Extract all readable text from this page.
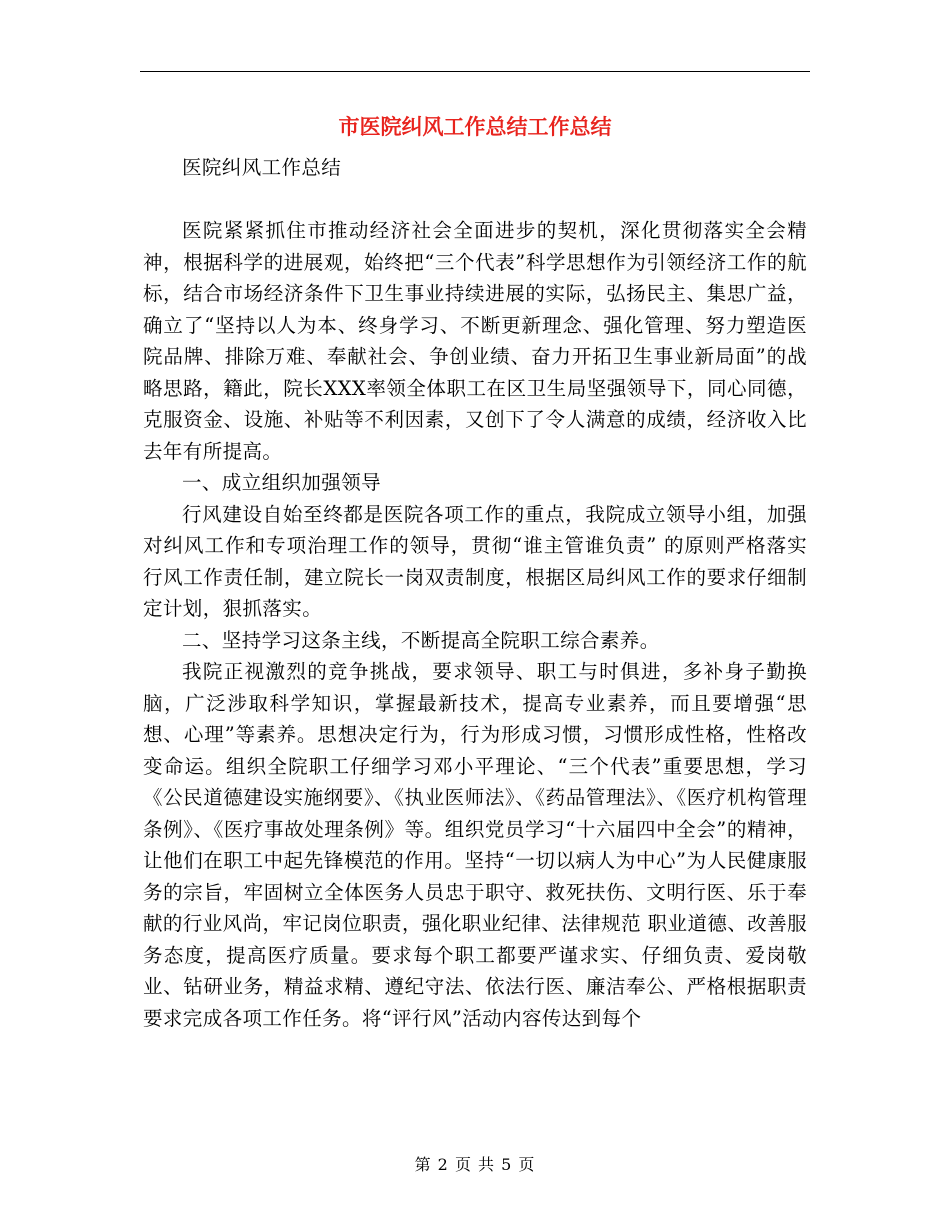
市医院纠风工作总结工作总结

医院纠风工作总结

医院紧紧抓住市推动经济社会全面进步的契机，深化贯彻落实全会精神，根据科学的进展观，始终把“三个代表”科学思想作为引领经济工作的航标，结合市场经济条件下卫生事业持续进展的实际，弘扬民主、集思广益，确立了“坚持以人为本、终身学习、不断更新理念、强化管理、努力塑造医院品牌、排除万难、奉献社会、争创业绩、奋力开拓卫生事业新局面”的战略思路，籍此，院长XXX率领全体职工在区卫生局坚强领导下，同心同德，克服资金、设施、补贴等不利因素，又创下了令人满意的成绩，经济收入比去年有所提高。

一、成立组织加强领导

行风建设自始至终都是医院各项工作的重点，我院成立领导小组，加强对纠风工作和专项治理工作的领导，贯彻“谁主管谁负责” 的原则严格落实行风工作责任制，建立院长一岗双责制度，根据区局纠风工作的要求仔细制定计划，狠抓落实。

二、坚持学习这条主线，不断提高全院职工综合素养。

我院正视激烈的竞争挑战，要求领导、职工与时俱进，多补身子勤换脑，广泛涉取科学知识，掌握最新技术，提高专业素养，而且要增强“思想、心理”等素养。思想决定行为，行为形成习惯，习惯形成性格，性格改变命运。组织全院职工仔细学习邓小平理论、“三个代表”重要思想，学习《公民道德建设实施纲要》、《执业医师法》、《药品管理法》、《医疗机构管理条例》、《医疗事故处理条例》等。组织党员学习“十六届四中全会”的精神，让他们在职工中起先锋模范的作用。坚持“一切以病人为中心”为人民健康服务的宗旨，牢固树立全体医务人员忠于职守、救死扶伤、文明行医、乐于奉献的行业风尚，牢记岗位职责，强化职业纪律、法律规范 职业道德、改善服务态度，提高医疗质量。要求每个职工都要严谨求实、仔细负责、爱岗敬业、钻研业务，精益求精、遵纪守法、依法行医、廉洁奉公、严格根据职责要求完成各项工作任务。将“评行风”活动内容传达到每个

第 2 页 共 5 页
